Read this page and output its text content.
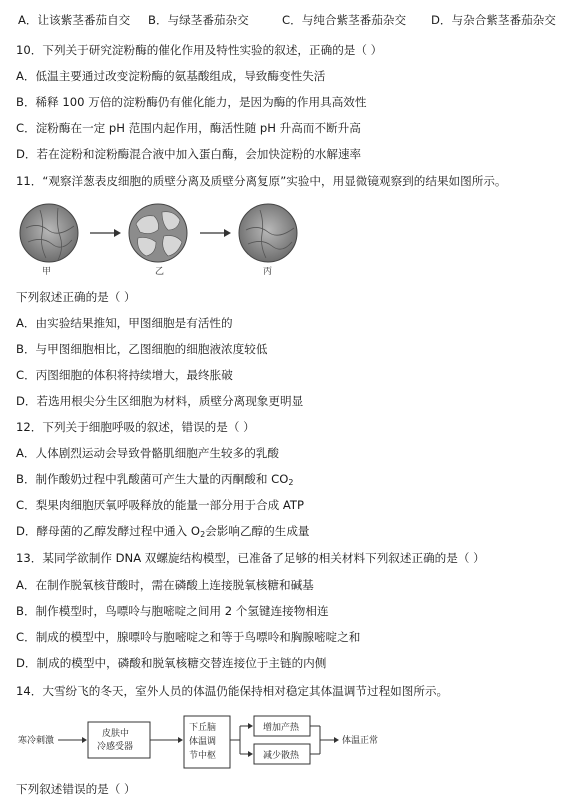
A．让该紫茎番茄自交 B．与绿茎番茄杂交	C．与纯合紫茎番茄杂交 D．与杂合紫茎番茄杂交
10．下列关于研究淀粉酶的催化作用及特性实验的叙述，正确的是（ ）
A．低温主要通过改变淀粉酶的氨基酸组成，导致酶变性失活
B．稀释 100 万倍的淀粉酶仍有催化能力，是因为酶的作用具高效性
C．淀粉酶在一定 pH 范围内起作用，酶活性随 pH 升高而不断升高
D．若在淀粉和淀粉酶混合液中加入蛋白酶，会加快淀粉的水解速率
11．“观察洋葱表皮细胞的质壁分离及质壁分离复原”实验中，用显微镜观察到的结果如图所示。
甲	乙	丙
下列叙述正确的是（ ）
A．由实验结果推知，甲图细胞是有活性的
B．与甲图细胞相比，乙图细胞的细胞液浓度较低
C．丙图细胞的体积将持续增大，最终胀破
D．若选用根尖分生区细胞为材料，质壁分离现象更明显
12．下列关于细胞呼吸的叙述，错误的是（ ）
A．人体剧烈运动会导致骨骼肌细胞产生较多的乳酸
B．制作酸奶过程中乳酸菌可产生大量的丙酮酸和 $CO_2$
C．梨果肉细胞厌氧呼吸释放的能量一部分用于合成 ATP
D．酵母菌的乙醇发酵过程中通入 $O_2$会影响乙醇的生成量
13．某同学欲制作 DNA 双螺旋结构模型，已准备了足够的相关材料下列叙述正确的是（ ）
A．在制作脱氧核苷酸时，需在磷酸上连接脱氧核糖和碱基
B．制作模型时，鸟嘌呤与胞嘧啶之间用 2 个氢键连接物相连
C．制成的模型中，腺嘌呤与胞嘧啶之和等于鸟嘌呤和胸腺嘧啶之和
D．制成的模型中，磷酸和脱氧核糖交替连接位于主链的内侧
14．大雪纷飞的冬天，室外人员的体温仍能保持相对稳定其体温调节过程如图所示。
寒冷刺激
皮肤中
冷感受器
下丘脑
体温调
节中枢
增加产热
减少散热
体温正常
下列叙述错误的是（ ）
